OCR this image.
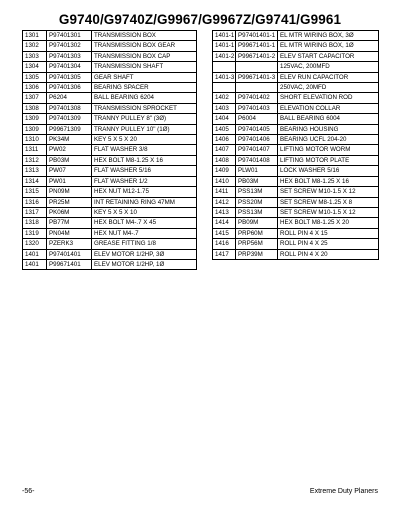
G9740/G9740Z/G9967/G9967Z/G9741/G9961
1301	P97401301	TRANSMISSION BOX
1302	P97401302	TRANSMISSION BOX GEAR
1303	P97401303	TRANSMISSION BOX CAP
1304	P97401304	TRANSMISSION SHAFT
1305	P97401305	GEAR SHAFT
1306	P97401306	BEARING SPACER
1307	P6204	BALL BEARING 6204
1308	P97401308	TRANSMISSION SPROCKET
1309	P97401309	TRANNY PULLEY 8" (3Ø)
1309	P99671309	TRANNY PULLEY 10" (1Ø)
1310	PK34M	KEY 5 X 5 X 20
1311	PW02	FLAT WASHER 3/8
1312	PB03M	HEX BOLT M8-1.25 X 16
1313	PW07	FLAT WASHER 5/16
1314	PW01	FLAT WASHER 1/2
1315	PN09M	HEX NUT M12-1.75
1316	PR25M	INT RETAINING RING 47MM
1317	PK06M	KEY 5 X 5 X 10
1318	PB77M	HEX BOLT M4-.7 X 45
1319	PN04M	HEX NUT M4-.7
1320	PZERK3	GREASE FITTING 1/8
1401	P97401401	ELEV MOTOR 1/2HP, 3Ø
1401	P99671401	ELEV MOTOR 1/2HP, 1Ø
1401-1	P97401401-1	EL MTR WIRING BOX, 3Ø
1401-1	P99671401-1	EL MTR WIRING BOX, 1Ø
1401-2	P99671401-2	ELEV START CAPACITOR
		125VAC, 200MFD
1401-3	P99671401-3	ELEV RUN CAPACITOR
		250VAC, 20MFD
1402	P97401402	SHORT ELEVATION ROD
1403	P97401403	ELEVATION COLLAR
1404	P6004	BALL BEARING 6004
1405	P97401405	BEARING HOUSING
1406	P97401406	BEARING UCFL 204-20
1407	P97401407	LIFTING MOTOR WORM
1408	P97401408	LIFTING MOTOR PLATE
1409	PLW01	LOCK WASHER 5/16
1410	PB03M	HEX BOLT M8-1.25 X 16
1411	PSS13M	SET SCREW M10-1.5 X 12
1412	PSS20M	SET SCREW M8-1.25 X 8
1413	PSS13M	SET SCREW M10-1.5 X 12
1414	PB09M	HEX BOLT M8-1.25 X 20
1415	PRP60M	ROLL PIN 4 X 15
1416	PRP56M	ROLL PIN 4 X 25
1417	PRP39M	ROLL PIN 4 X 20
-56-	Extreme Duty Planers
